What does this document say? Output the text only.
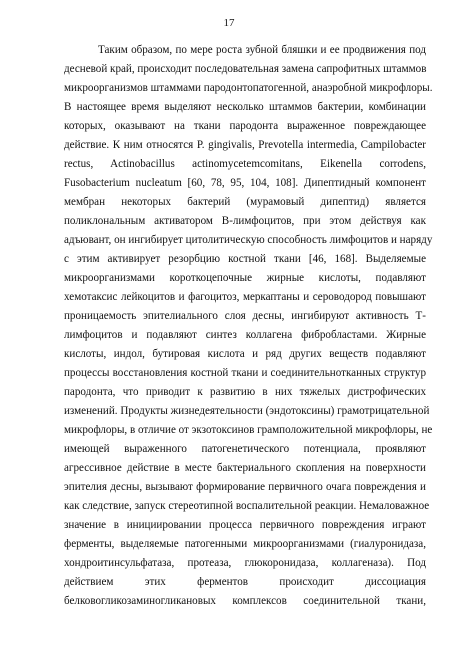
17
Таким образом, по мере роста зубной бляшки и ее продвижения под
десневой край, происходит последовательная замена сапрофитных штаммов
микроорганизмов штаммами пародонтопатогенной, анаэробной микрофлоры.
В настоящее время выделяют несколько штаммов бактерии, комбинации
которых, оказывают на ткани пародонта выраженное повреждающее
действие. К ним относятся P. gingivalis, Prevotella intermedia, Campilobacter
rectus, Actinobacillus actinomycetemcomitans, Eikenella corrodens,
Fusobacterium nucleatum [60, 78, 95, 104, 108]. Дипептидный компонент
мембран некоторых бактерий (мурамовый дипептид) является
поликлональным активатором В-лимфоцитов, при этом действуя как
адъювант, он ингибирует цитолитическую способность лимфоцитов и наряду
с этим активирует резорбцию костной ткани [46, 168]. Выделяемые
микроорганизмами короткоцепочные жирные кислоты, подавляют
хемотаксис лейкоцитов и фагоцитоз, меркаптаны и сероводород повышают
проницаемость эпителиального слоя десны, ингибируют активность Т-
лимфоцитов и подавляют синтез коллагена фибробластами. Жирные
кислоты, индол, бутировая кислота и ряд других веществ подавляют
процессы восстановления костной ткани и соединительнотканных структур
пародонта, что приводит к развитию в них тяжелых дистрофических
изменений. Продукты жизнедеятельности (эндотоксины) грамотрицательной
микрофлоры, в отличие от экзотоксинов грамположительной микрофлоры, не
имеющей выраженного патогенетического потенциала, проявляют
агрессивное действие в месте бактериального скопления на поверхности
эпителия десны, вызывают формирование первичного очага повреждения и
как следствие, запуск стереотипной воспалительной реакции. Немаловажное
значение в инициировании процесса первичного повреждения играют
ферменты, выделяемые патогенными микроорганизмами (гиалуронидаза,
хондроитинсульфатаза, протеаза, глюкоронидаза, коллагеназа). Под
действием этих ферментов происходит диссоциация
белковогликозаминогликановых комплексов соединительной ткани,
